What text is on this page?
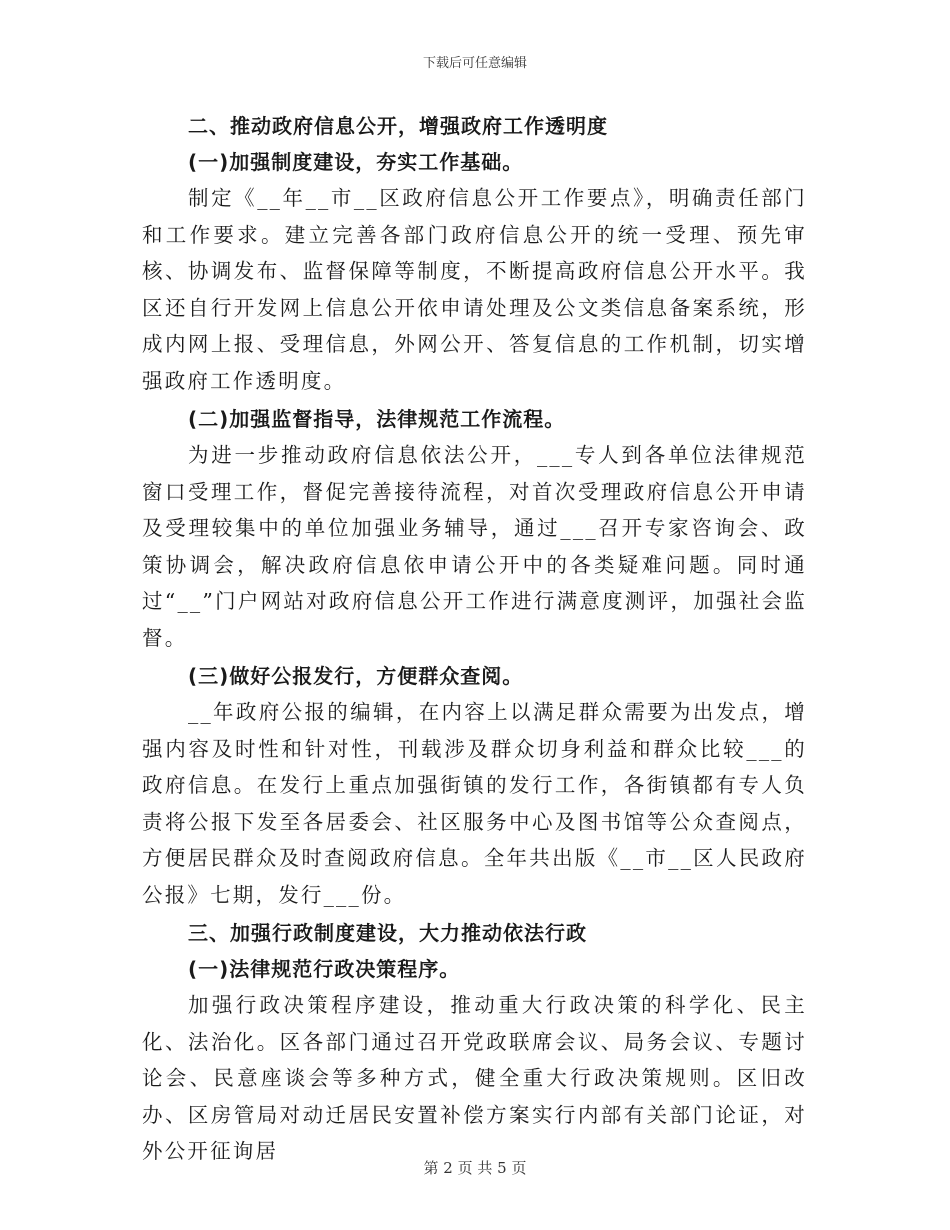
下载后可任意编辑
二、推动政府信息公开，增强政府工作透明度
(一)加强制度建设，夯实工作基础。

制定《__年__市__区政府信息公开工作要点》，明确责任部门和工作要求。建立完善各部门政府信息公开的统一受理、预先审核、协调发布、监督保障等制度，不断提高政府信息公开水平。我区还自行开发网上信息公开依申请处理及公文类信息备案系统，形成内网上报、受理信息，外网公开、答复信息的工作机制，切实增强政府工作透明度。

(二)加强监督指导，法律规范工作流程。

为进一步推动政府信息依法公开，___专人到各单位法律规范窗口受理工作，督促完善接待流程，对首次受理政府信息公开申请及受理较集中的单位加强业务辅导，通过___召开专家咨询会、政策协调会，解决政府信息依申请公开中的各类疑难问题。同时通过“__”门户网站对政府信息公开工作进行满意度测评，加强社会监督。

(三)做好公报发行，方便群众查阅。

__年政府公报的编辑，在内容上以满足群众需要为出发点，增强内容及时性和针对性，刊载涉及群众切身利益和群众比较___的政府信息。在发行上重点加强街镇的发行工作，各街镇都有专人负责将公报下发至各居委会、社区服务中心及图书馆等公众查阅点，方便居民群众及时查阅政府信息。全年共出版《__市__区人民政府公报》七期，发行___份。

三、加强行政制度建设，大力推动依法行政
(一)法律规范行政决策程序。

加强行政决策程序建设，推动重大行政决策的科学化、民主化、法治化。区各部门通过召开党政联席会议、局务会议、专题讨论会、民意座谈会等多种方式，健全重大行政决策规则。区旧改办、区房管局对动迁居民安置补偿方案实行内部有关部门论证，对外公开征询居

第 2 页 共 5 页
